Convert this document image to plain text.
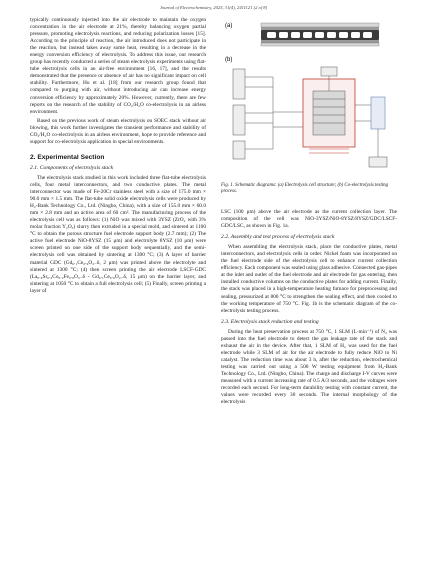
Journal of Electrochemistry, 2025, 31(4), 2411121 (2 of 8)

typically continuously injected into the air electrode to maintain the oxygen concentration in the air electrode at 21%, thereby balancing oxygen partial pressure, promoting electrolysis reactions, and reducing polarization losses [15]. According to the principle of reaction, the air introduced does not participate in the reaction, but instead takes away some heat, resulting in a decrease in the energy conversion efficiency of electrolysis. To address this issue, our research group has recently conducted a series of steam electrolysis experiments using flat-tube electrolysis cells in an air-free environment [16, 17], and the results demonstrated that the presence or absence of air has no significant impact on cell stability. Furthermore, Hu et al. [18] from our research group found that compared to purging with air, without introducing air can increase energy conversion efficiency by approximately 20%. However, currently, there are few reports on the research of the stability of CO₂/H₂O co-electrolysis in an airless environment.

Based on the previous work of steam electrolysis on SOEC stack without air blowing, this work further investigates the transient performance and stability of CO₂/H₂O co-electrolysis in an airless environment, hope to provide reference and support for co-electrolysis application in special environments.

2. Experimental Section
2.1. Components of electrolysis stack

The electrolysis stack studied in this work included three flat-tube electrolysis cells, four metal interconnectors, and two conductive plates. The metal interconnector was made of Fe-20Cr stainless steel with a size of 175.0 mm × 90.0 mm × 1.5 mm. The flat-tube solid oxide electrolysis cells were produced by H₂-Bank Technology Co., Ltd. (Ningbo, China), with a size of 155.0 mm × 60.0 mm × 2.8 mm and an active area of 60 cm². The manufacturing process of the electrolysis cell was as follows: (1) NiO was mixed with 3YSZ (ZrO₂ with 3% molar fraction Y₂O₃) slurry then extruded in a special mold, and sintered at 1100 °C to obtain the porous structure fuel electrode support body (2.7 mm); (2) The active fuel electrode NiO-8YSZ (15 μm) and electrolyte 8YSZ (10 μm) were screen printed on one side of the support body sequentially, and the semi-electrolysis cell was obtained by sintering at 1300 °C; (3) A layer of barrier material GDC (Gd₀.₁Ce₀.₉O₂₋δ, 2 μm) was printed above the electrolyte and sintered at 1300 °C; (4) then screen printing the air electrode LSCF-GDC (La₀.₆Sr₀.₄Co₀.₂Fe₀.₈O₃₋δ - Gd₀.₁Ce₀.₉O₂₋δ, 15 μm) on the barrier layer, and sintering at 1050 °C to obtain a full electrolysis cell; (5) Finally, screen printing a layer of

(a)
(b)
Fig. 1. Schematic diagrams: (a) Electrolysis cell structure; (b) Co-electrolysis testing process.

LSC (100 μm) above the air electrode as the current collection layer. The composition of the cell was NiO-3YSZ/NiO-8YSZ/8YSZ/GDC/LSCF-GDC/LSC, as shown in Fig. 1a.

2.2. Assembly and test process of electrolysis stack

When assembling the electrolysis stack, place the conductive plates, metal interconnectors, and electrolysis cells in order. Nickel foam was incorporated on the fuel electrode side of the electrolysis cell to enhance current collection efficiency. Each component was sealed using glass adhesive. Connected gas-pipes at the inlet and outlet of the fuel electrode and air electrode for gas entering, then installed conductive columns on the conductive plates for adding current. Finally, the stack was placed in a high-temperature heating furnace for preprocessing and sealing, pressurized at 800 °C to strengthen the sealing effect, and then cooled to the working temperature of 750 °C. Fig. 1b is the schematic diagram of the co-electrolysis testing process.

2.3. Electrolysis stack reduction and testing

During the heat preservation process at 750 °C, 1 SLM (L·min⁻¹) of N₂ was passed into the fuel electrode to detect the gas leakage rate of the stack and exhaust the air in the device. After that, 1 SLM of H₂ was used for the fuel electrode while 3 SLM of air for the air electrode to fully reduce NiO to Ni catalyst. The reduction time was about 3 h, after the reduction, electrochemical testing was carried out using a 500 W testing equipment from H₂-Bank Technology Co., Ltd. (Ningbo, China). The charge and discharge I-V curves were measured with a current increasing rate of 0.5 A/3 seconds, and the voltages were recorded each second. For long-term durability testing with constant current, the values were recorded every 30 seconds. The internal morphology of the electrolysis
